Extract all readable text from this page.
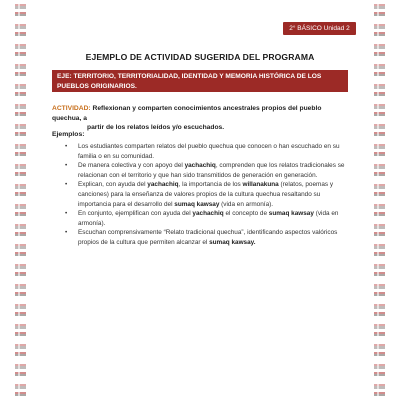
2° BÁSICO Unidad 2
EJEMPLO DE ACTIVIDAD SUGERIDA DEL PROGRAMA
EJE: TERRITORIO, TERRITORIALIDAD, IDENTIDAD Y MEMORIA HISTÓRICA DE LOS PUEBLOS ORIGINARIOS.
ACTIVIDAD: Reflexionan y comparten conocimientos ancestrales propios del pueblo quechua, a
partir de los relatos leídos y/o escuchados.
Ejemplos:
• Los estudiantes comparten relatos del pueblo quechua que conocen o han escuchado en su familia o en su comunidad.
• De manera colectiva y con apoyo del yachachiq, comprenden que los relatos tradicionales se relacionan con el territorio y que han sido transmitidos de generación en generación.
• Explican, con ayuda del yachachiq, la importancia de los willanakuna (relatos, poemas y canciones) para la enseñanza de valores propios de la cultura quechua resaltando su importancia para el desarrollo del sumaq kawsay (vida en armonía).
• En conjunto, ejemplifican con ayuda del yachachiq el concepto de sumaq kawsay (vida en armonía).
• Escuchan comprensivamente “Relato tradicional quechua”, identificando aspectos valóricos propios de la cultura que permiten alcanzar el sumaq kawsay.
